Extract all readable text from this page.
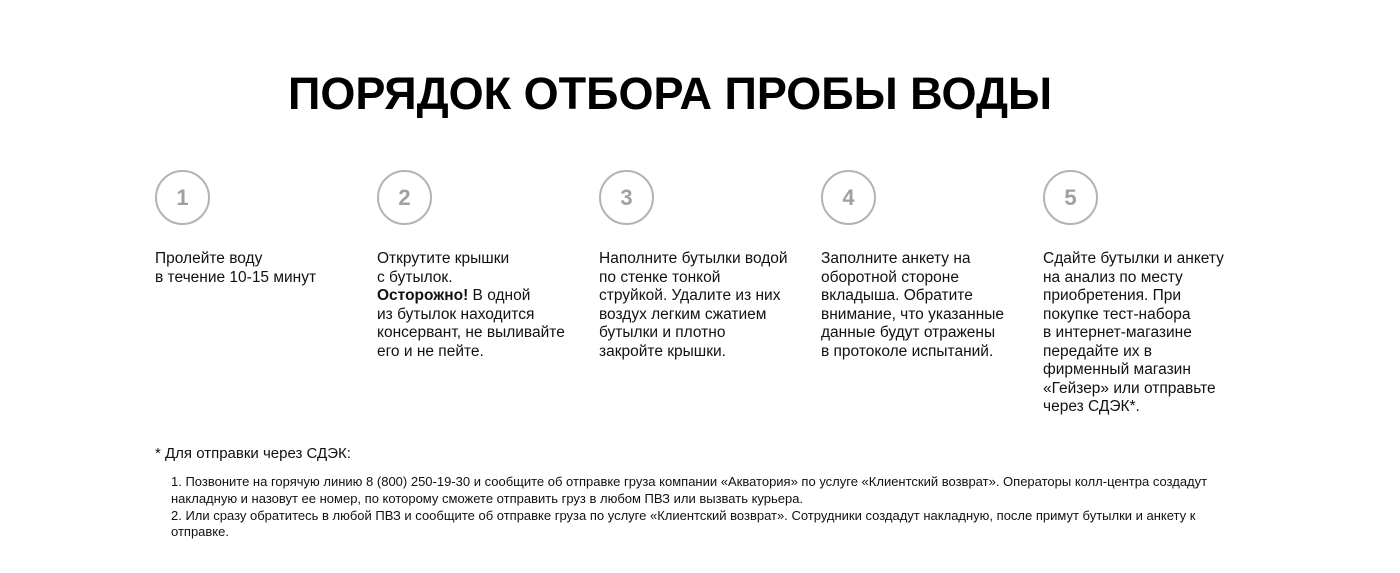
ПОРЯДОК ОТБОРА ПРОБЫ ВОДЫ
1
Пролейте воду
в течение 10-15 минут
2
Открутите крышки
с бутылок.
Осторожно! В одной
из бутылок находится
консервант, не выливайте
его и не пейте.
3
Наполните бутылки водой
по стенке тонкой
струйкой. Удалите из них
воздух легким сжатием
бутылки и плотно
закройте крышки.
4
Заполните анкету на
оборотной стороне
вкладыша. Обратите
внимание, что указанные
данные будут отражены
в протоколе испытаний.
5
Сдайте бутылки и анкету
на анализ по месту
приобретения. При
покупке тест-набора
в интернет-магазине
передайте их в
фирменный магазин
«Гейзер» или отправьте
через СДЭК*.
* Для отправки через СДЭК:

1. Позвоните на горячую линию 8 (800) 250-19-30 и сообщите об отправке груза компании «Акватория» по услуге «Клиентский возврат». Операторы колл-центра создадут накладную и назовут ее номер, по которому сможете отправить груз в любом ПВЗ или вызвать курьера.

2. Или сразу обратитесь в любой ПВЗ и сообщите об отправке груза по услуге «Клиентский возврат». Сотрудники создадут накладную, после примут бутылки и анкету к отправке.
